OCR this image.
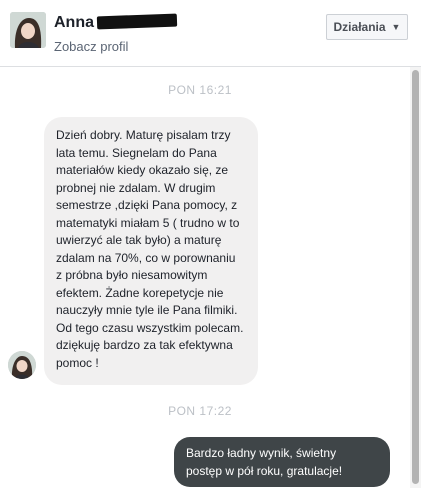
Anna
Zobacz profil
Działania ▼
PON 16:21
Dzień dobry. Maturę pisalam trzy
lata temu. Siegnelam do Pana
materiałów kiedy okazało się, ze
probnej nie zdalam. W drugim
semestrze ,dzięki Pana pomocy, z
matematyki miałam 5 ( trudno w to
uwierzyć ale tak było) a maturę
zdalam na 70%, co w porownaniu
z próbna było niesamowitym
efektem. Żadne korepetycje nie
nauczyły mnie tyle ile Pana filmiki.
Od tego czasu wszystkim polecam.
dziękuję bardzo za tak efektywna
pomoc !
PON 17:22
Bardzo ładny wynik, świetny
postęp w pół roku, gratulacje!
